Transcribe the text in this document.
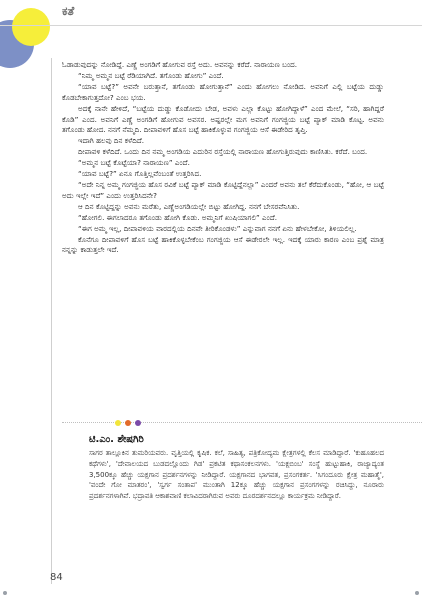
ಕತೆ

ಓಡಾಡುವುದನ್ನು ನೋಡಿದ್ದೆ. ಎಣ್ಣೆ ಅಂಗಡಿಗೆ ಹೋಗುವ ರಸ್ತೆ ಅದು. ಅವನನ್ನು ಕರೆದೆ. ನಾರಾಯಣ ಬಂದ.

“ನಿಮ್ಮ ಅಮ್ಮನ ಬಟ್ಟೆ ರೆಡಿಯಾಗಿದೆ. ತಗೊಂಡು ಹೋಗು” ಎಂದೆ.

“ಯಾವ ಬಟ್ಟೆ?” ಅವನೇ ಬರುತ್ತಾನೆ, ತಗೊಂಡು ಹೋಗುತ್ತಾನೆ” ಎಂದು ಹೋಗಲು ನೋಡಿದ. ಅವನಿಗೆ ಎಲ್ಲಿ ಬಟ್ಟೆಯ ದುಡ್ಡು ಕೊಡಬೇಕಾಗುತ್ತದೋ? ಎಂಬ ಭಯ.

ಅದಕ್ಕೆ ನಾನೇ ಹೇಳಿದೆ, “ಬಟ್ಟೆಯ ದುಡ್ಡು ಕೊಡೋದು ಬೇಡ, ಅವಳು ಎಲ್ಲಾ ಕೊಟ್ಟು ಹೋಗಿದ್ದಾಳೆ” ಎಂದ ಮೇಲೆ, “ಸರಿ, ಹಾಗಿದ್ದರೆ ಕೊಡಿ” ಎಂದ. ಅವನಿಗೆ ಎಣ್ಣೆ ಅಂಗಡಿಗೆ ಹೋಗುವ ಅವಸರ. ಅಷ್ಟರಲ್ಲೇ ಮಗ ಅವನಿಗೆ ಗಂಗಜ್ಜಿಯ ಬಟ್ಟೆ ಪ್ಯಾಕ್ ಮಾಡಿ ಕೊಟ್ಟ. ಅವನು ತಗೊಂಡು ಹೋದ. ನನಗೆ ನೆಮ್ಮದಿ. ದೀಪಾವಳಿಗೆ ಹೊಸ ಬಟ್ಟೆ ಹಾಕಿಕೊಳ್ಳುವ ಗಂಗಜ್ಜಿಯ ಆಸೆ ಈಡೇರಿದ ತೃಪ್ತಿ.

ಇದಾಗಿ ಹಲವು ದಿನ ಕಳೆದಿದೆ.

ದೀಪಾವಳಿ ಕಳೆದಿದೆ. ಒಂದು ದಿನ ನಮ್ಮ ಅಂಗಡಿಯ ಎದುರಿನ ರಸ್ತೆಯಲ್ಲಿ ನಾರಾಯಣ ಹೋಗುತ್ತಿರುವುದು ಕಾಣಿಸಿತು. ಕರೆದೆ. ಬಂದ.

“ಅಮ್ಮನ ಬಟ್ಟೆ ಕೊಟ್ಟೆಯಾ? ನಾರಾಯಣ” ಎಂದೆ.

“ಯಾವ ಬಟ್ಟೆ?” ಏನೂ ಗೊತ್ತಿಲ್ಲವೆಂಬಂತೆ ಉತ್ತರಿಸಿದ.

“ಅದೇ ನಿನ್ನ ಅಮ್ಮ ಗಂಗಜ್ಜಿಯ ಹೊಸ ರವಿಕೆ ಬಟ್ಟೆ ಪ್ಯಾಕ್ ಮಾಡಿ ಕೊಟ್ಟಿದ್ದೆನಲ್ಲಾ” ಎಂದರೆ ಅವನು ತಲೆ ಕೆರೆದುಕೊಂಡು, “ಹೋ, ಆ ಬಟ್ಟೆ ಅದು ಇಲ್ಲೇ ಇದೆ” ಎಂದು ಉತ್ತರಿಸಿದನೇ?

ಆ ದಿನ ಕೊಟ್ಟಿದ್ದನ್ನು ಅವನು ಮರೆತು, ಎಣ್ಣೆಅಂಗಡಿಯಲ್ಲೇ ಬಿಟ್ಟು ಹೋಗಿದ್ದ. ನನಗೆ ಬೇಸರವೆನಿಸಿತು.

“ಹೋಗಲಿ. ಈಗಲಾದರೂ ತಗೊಂಡು ಹೋಗಿ ಕೊಡು. ಅಮ್ಮನಿಗೆ ಖುಷಿಯಾಗಲಿ” ಎಂದೆ.

“ಈಗ ಅಮ್ಮ ಇಲ್ಲ, ದೀಪಾವಳಿಯ ವಾರದಲ್ಲಿಯ ದಿನವೇ ತೀರಿಕೊಂಡಳು” ಎನ್ನುವಾಗ ನನಗೆ ಏನು ಹೇಳಬೇಕೋ, ತಿಳಿಯಲಿಲ್ಲ.

ಕೊನೆಗೂ ದೀಪಾವಳಿಗೆ ಹೊಸ ಬಟ್ಟೆ ಹಾಕಿಕೊಳ್ಳಬೇಕೆಂಬ ಗಂಗಜ್ಜಿಯ ಆಸೆ ಈಡೇರಲೇ ಇಲ್ಲ. ಇದಕ್ಕೆ ಯಾರು ಕಾರಣ ಎಂಬ ಪ್ರಶ್ನೆ ಮಾತ್ರ ನನ್ನನ್ನು ಕಾಡುತ್ತಲೇ ಇದೆ.

ಟಿ.ಎಂ. ಶೇಷಗಿರಿ
ಸಾಗರ ತಾಲ್ಲೂಕಿನ ತುಮರಿಯವರು. ವೃತ್ತಿಯಲ್ಲಿ ಕೃಷಿಕ. ಕಲೆ, ಸಾಹಿತ್ಯ, ಪತ್ರಿಕೋದ್ಯಮ ಕ್ಷೇತ್ರಗಳಲ್ಲಿ ಕೆಲಸ ಮಾಡಿದ್ದಾರೆ. 'ಕುಹೂಹಲದ ಕಥೆಗಳು', 'ದೇವಾಲಯದ ಬುಡದಲ್ಲೊಂದು ಗಿಡ' ಪ್ರಕಟಿತ ಕಥಾಸಂಕಲನಗಳು. 'ಯಕ್ಷಬಿಂಬ' ಸಂಸ್ಥೆ ಹುಟ್ಟುಹಾಕಿ, ರಾಜ್ಯಾದ್ಯಂತ 3,500ಕ್ಕೂ ಹೆಚ್ಚು ಯಕ್ಷಗಾನ ಪ್ರದರ್ಶನಗಳನ್ನು ನೀಡಿದ್ದಾರೆ. ಯಕ್ಷಗಾನದ ಭಾಗವತ, ಪ್ರಸಂಗಕರ್ತ. 'ಸಿಗಂದೂರು ಕ್ಷೇತ್ರ ಮಹಾತ್ಮೆ', 'ವಂದೇ ಗೋ ಮಾತರಂ', 'ಸ್ವರ್ಗ ಸಂತಾಪ' ಮುಂತಾಗಿ 12ಕ್ಕೂ ಹೆಚ್ಚು ಯಕ್ಷಗಾನ ಪ್ರಸಂಗಗಳನ್ನು ರಚಿಸಿದ್ದು, ನೂರಾರು ಪ್ರದರ್ಶನಗಳಾಗಿವೆ. ಭದ್ರಾವತಿ ಆಕಾಶವಾಣಿ ಕಲಾವಿದರಾಗಿರುವ ಅವರು ದೂರದರ್ಶನದಲ್ಲೂ ಕಾರ್ಯಕ್ರಮ ನೀಡಿದ್ದಾರೆ.
84
